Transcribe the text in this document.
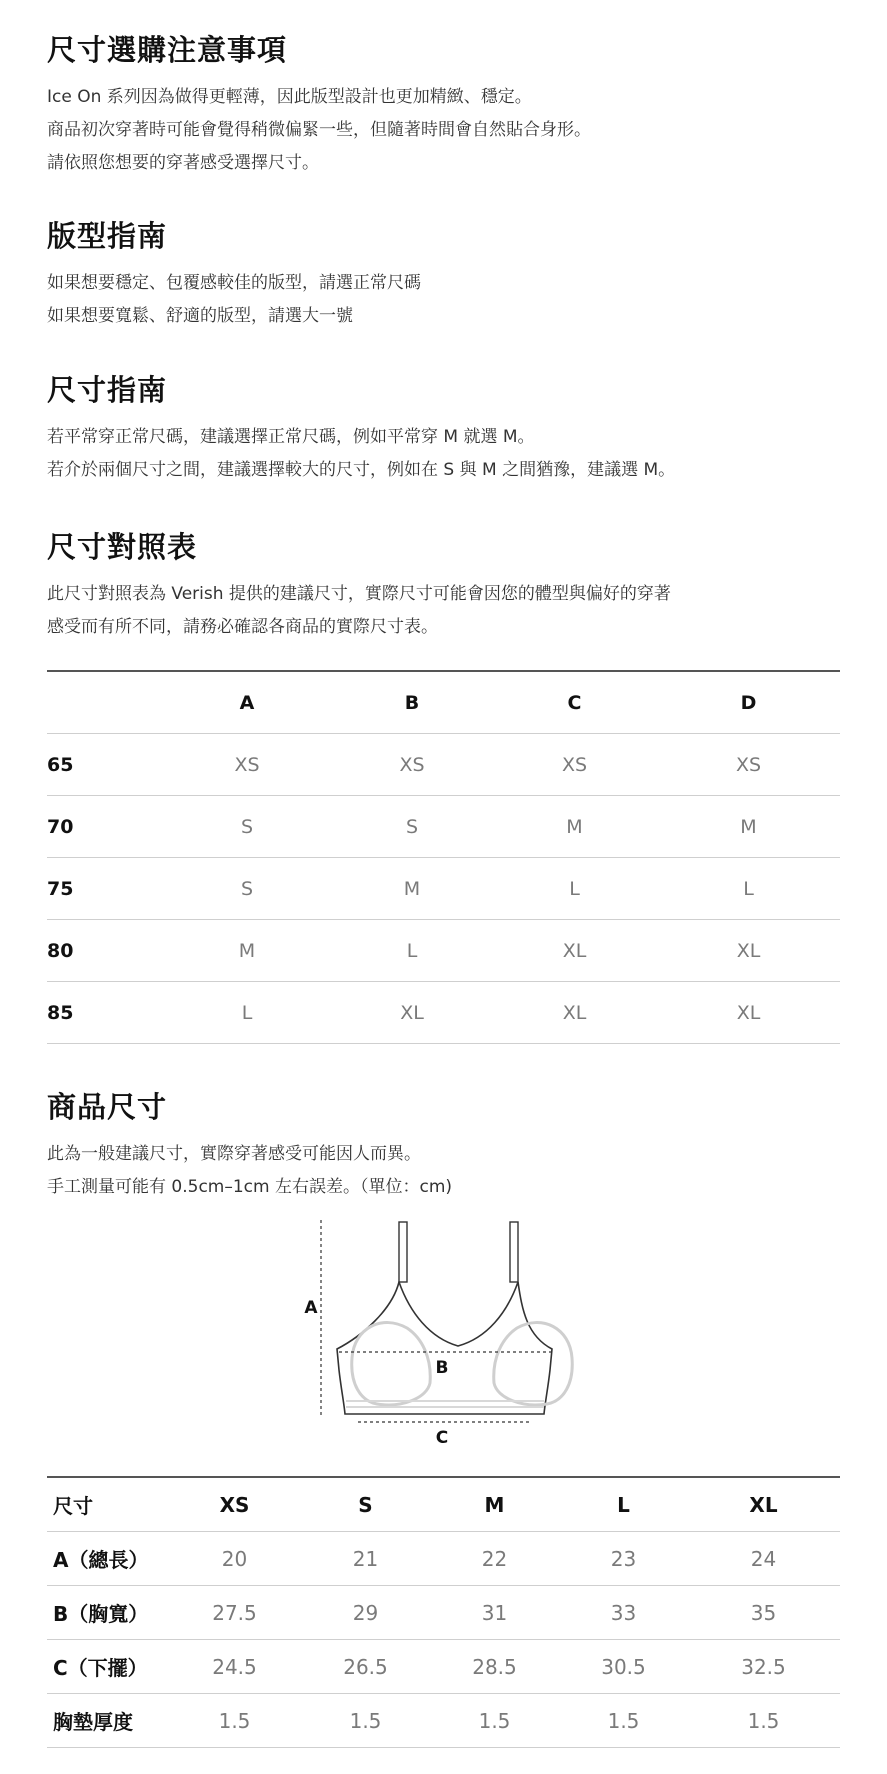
尺寸選購注意事項

Ice On 系列因為做得更輕薄，因此版型設計也更加精緻、穩定。

商品初次穿著時可能會覺得稍微偏緊一些，但隨著時間會自然貼合身形。

請依照您想要的穿著感受選擇尺寸。

版型指南

如果想要穩定、包覆感較佳的版型，請選正常尺碼

如果想要寬鬆、舒適的版型，請選大一號

尺寸指南

若平常穿正常尺碼，建議選擇正常尺碼，例如平常穿 M 就選 M。

若介於兩個尺寸之間，建議選擇較大的尺寸，例如在 S 與 M 之間猶豫，建議選 M。

尺寸對照表

此尺寸對照表為 Verish 提供的建議尺寸，實際尺寸可能會因您的體型與偏好的穿著

感受而有所不同，請務必確認各商品的實際尺寸表。

	A	B	C	D
65	XS	XS	XS	XS
70	S	S	M	M
75	S	M	L	L
80	M	L	XL	XL
85	L	XL	XL	XL
商品尺寸

此為一般建議尺寸，實際穿著感受可能因人而異。

手工測量可能有 0.5cm–1cm 左右誤差。（單位：cm)

A
B
C
尺寸	XS	S	M	L	XL
A（總長）	20	21	22	23	24
B（胸寬）	27.5	29	31	33	35
C（下擺）	24.5	26.5	28.5	30.5	32.5
胸墊厚度	1.5	1.5	1.5	1.5	1.5
